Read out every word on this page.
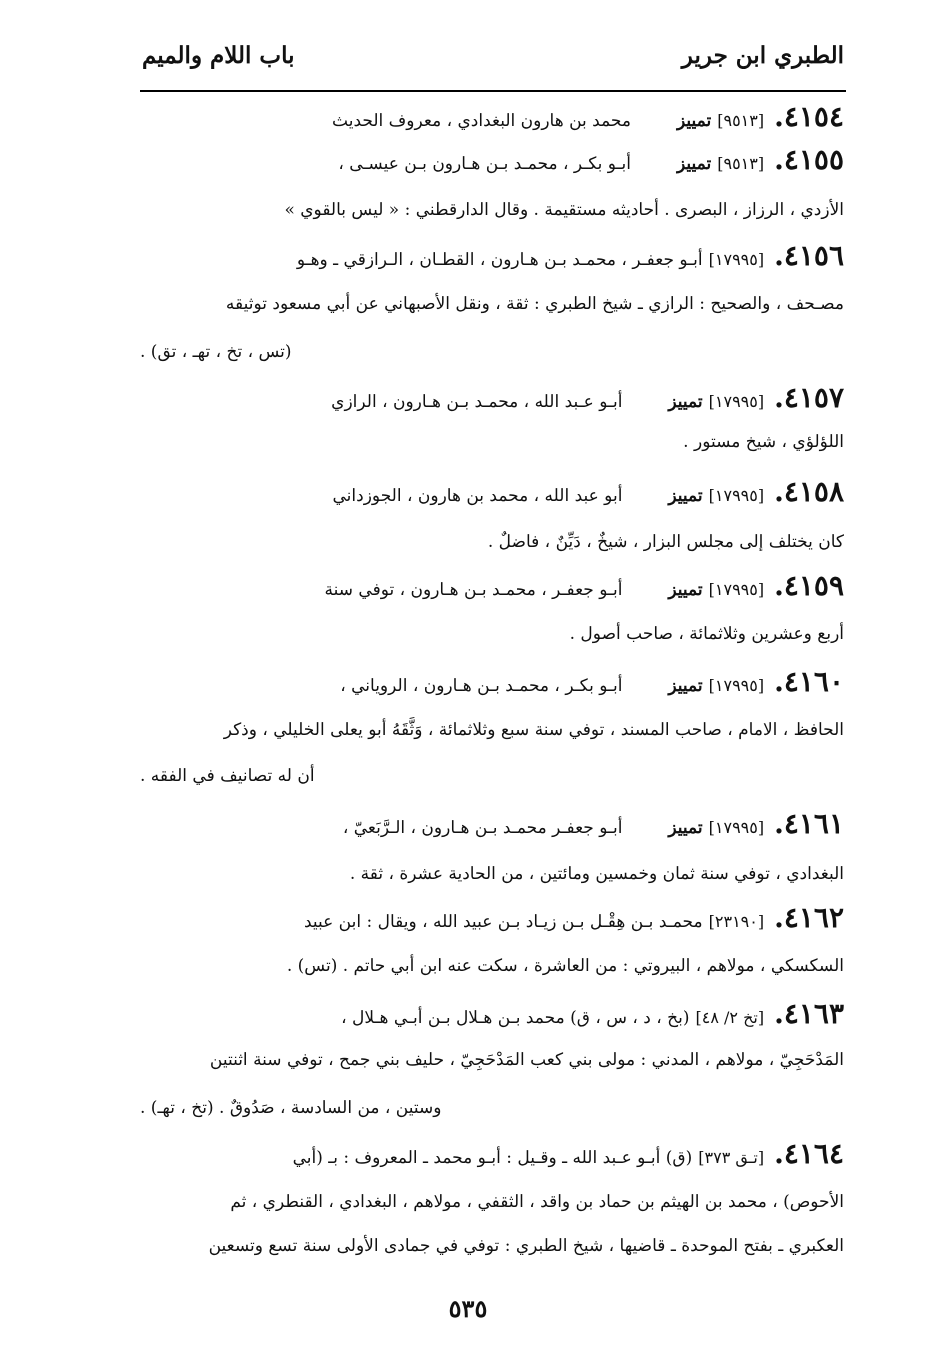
الطبري ابن جرير
باب اللام والميم
٤١٥٤.[٩٥١٣]تمييزمحمد بن هارون البغدادي ، معروف الحديث
٤١٥٥.[٩٥١٣]تمييزأبـو بكـر ، محمـد بـن هـارون بـن عيسـى ،
الأزدي ، الرزاز ، البصرى . أحاديثه مستقيمة . وقال الدارقطني : « ليس بالقوي »
٤١٥٦.[١٧٩٩٥]أبـو جعفـر ، محمـد بـن هـارون ، القطـان ، الـرازقي ـ وهـو
مصـحف ، والصحيح : الرازي ـ شيخ الطبري : ثقة ، ونقل الأصبهاني عن أبي مسعود توثيقه
(تس ، تخ ، تهـ ، تق) .
٤١٥٧.[١٧٩٩٥]تمييزأبـو عـبد الله ، محمـد بـن هـارون ، الرازي
اللؤلؤي ، شيخ مستور .
٤١٥٨.[١٧٩٩٥]تمييزأبو عبد الله ، محمد بن هارون ، الجوزداني
كان يختلف إلى مجلس البزار ، شيخٌ ، دَيِّنٌ ، فاضلٌ .
٤١٥٩.[١٧٩٩٥]تمييزأبـو جعفـر ، محمـد بـن هـارون ، توفي سنة
أربع وعشرين وثلاثمائة ، صاحب أصول .
٤١٦٠.[١٧٩٩٥]تمييزأبـو بكـر ، محمـد بـن هـارون ، الروياني ،
الحافظ ، الامام ، صاحب المسند ، توفي سنة سبع وثلاثمائة ، وَثَّقَهُ أبو يعلى الخليلي ، وذكر
أن له تصانيف في الفقه .
٤١٦١.[١٧٩٩٥]تمييزأبـو جعفـر محمـد بـن هـارون ، الـرَّبَعيّ ،
البغدادي ، توفي سنة ثمان وخمسين ومائتين ، من الحادية عشرة ، ثقة .
٤١٦٢.[٢٣١٩٠]محمـد بـن هِقْـل بـن زيـاد بـن عبيد الله ، ويقال : ابن عبيد
السكسكي ، مولاهم ، البيروتي : من العاشرة ، سكت عنه ابن أبي حاتم . (تس) .
٤١٦٣.[تخ ٢/ ٤٨](بخ ، د ، س ، ق) محمد بـن هـلال بـن أبـي هـلال ،
المَدْحَجِيّ ، مولاهم ، المدني : مولى بني كعب المَدْحَجِيّ ، حليف بني جمح ، توفي سنة اثنتين
وستين ، من السادسة ، صَدُوقٌ . (تخ ، تهـ) .
٤١٦٤.[تـق ٣٧٣](ق) أبـو عـبد الله ـ وقـيل : أبـو محمد ـ المعروف : بـ (أبي
الأحوص) ، محمد بن الهيثم بن حماد بن واقد ، الثقفي ، مولاهم ، البغدادي ، القنطري ، ثم
العكبري ـ بفتح الموحدة ـ قاضيها ، شيخ الطبري : توفي في جمادى الأولى سنة تسع وتسعين
٥٣٥
